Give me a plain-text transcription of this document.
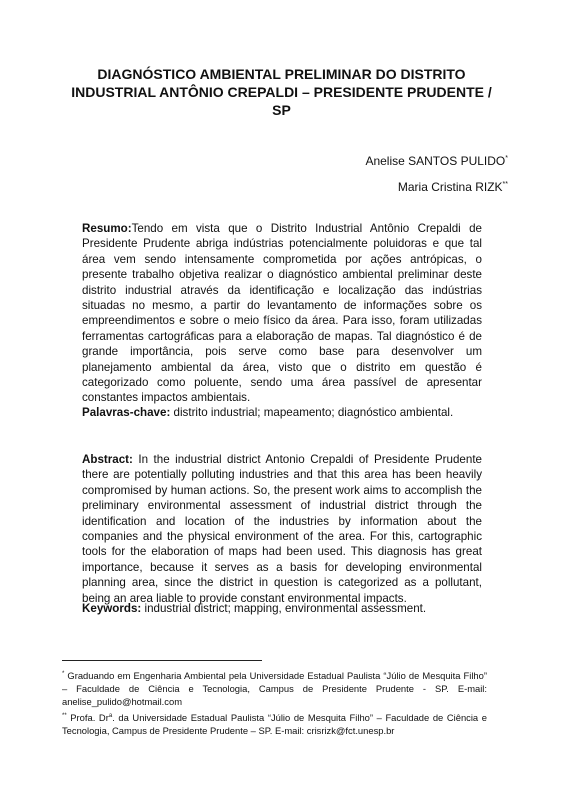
DIAGNÓSTICO AMBIENTAL PRELIMINAR DO DISTRITO INDUSTRIAL ANTÔNIO CREPALDI – PRESIDENTE PRUDENTE / SP
Anelise SANTOS PULIDO*
Maria Cristina RIZK**
Resumo:Tendo em vista que o Distrito Industrial Antônio Crepaldi de Presidente Prudente abriga indústrias potencialmente poluidoras e que tal área vem sendo intensamente comprometida por ações antrópicas, o presente trabalho objetiva realizar o diagnóstico ambiental preliminar deste distrito industrial através da identificação e localização das indústrias situadas no mesmo, a partir do levantamento de informações sobre os empreendimentos e sobre o meio físico da área. Para isso, foram utilizadas ferramentas cartográficas para a elaboração de mapas. Tal diagnóstico é de grande importância, pois serve como base para desenvolver um planejamento ambiental da área, visto que o distrito em questão é categorizado como poluente, sendo uma área passível de apresentar constantes impactos ambientais.
Palavras-chave: distrito industrial; mapeamento; diagnóstico ambiental.
Abstract: In the industrial district Antonio Crepaldi of Presidente Prudente there are potentially polluting industries and that this area has been heavily compromised by human actions. So, the present work aims to accomplish the preliminary environmental assessment of industrial district through the identification and location of the industries by information about the companies and the physical environment of the area. For this, cartographic tools for the elaboration of maps had been used. This diagnosis has great importance, because it serves as a basis for developing environmental planning area, since the district in question is categorized as a pollutant, being an area liable to provide constant environmental impacts.
Keywords: industrial district; mapping, environmental assessment.
* Graduando em Engenharia Ambiental pela Universidade Estadual Paulista “Júlio de Mesquita Filho” – Faculdade de Ciência e Tecnologia, Campus de Presidente Prudente - SP. E-mail: anelise_pulido@hotmail.com
** Profa. Dr$^a$. da Universidade Estadual Paulista “Júlio de Mesquita Filho” – Faculdade de Ciência e Tecnologia, Campus de Presidente Prudente – SP. E-mail: crisrizk@fct.unesp.br
